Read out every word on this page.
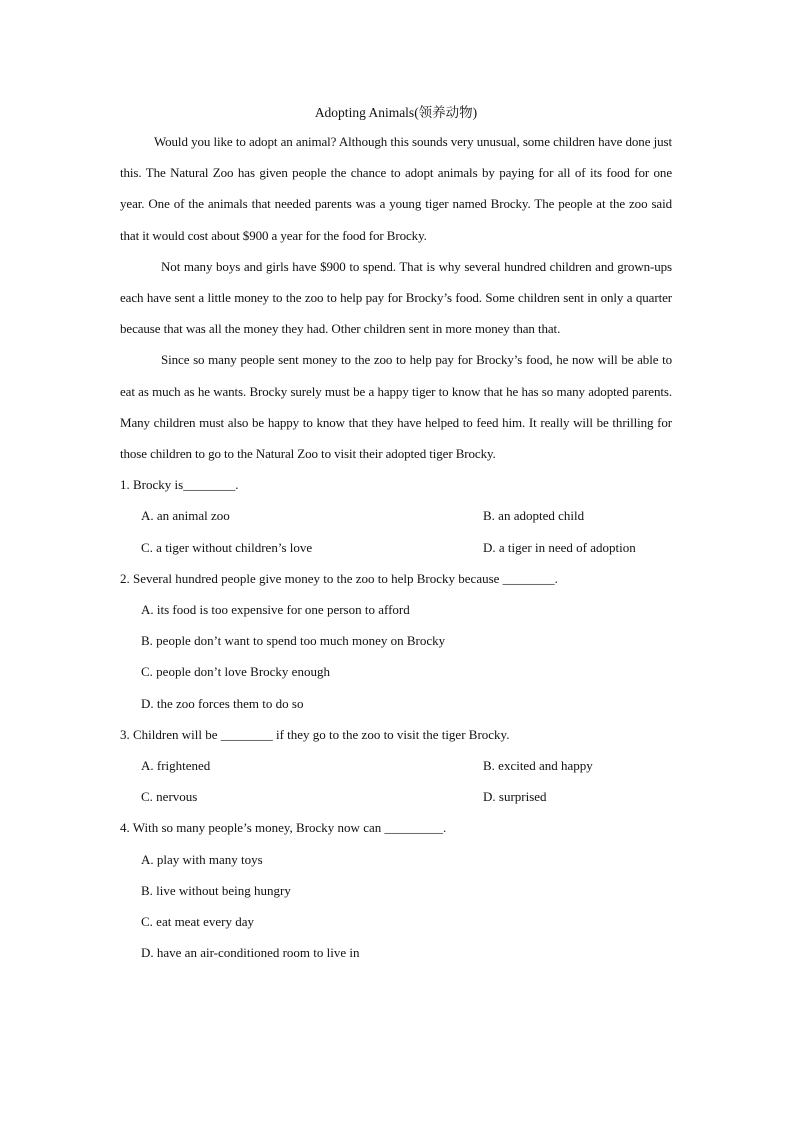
Adopting Animals(领养动物)

Would you like to adopt an animal? Although this sounds very unusual, some children have done just this. The Natural Zoo has given people the chance to adopt animals by paying for all of its food for one year. One of the animals that needed parents was a young tiger named Brocky. The people at the zoo said that it would cost about $900 a year for the food for Brocky.

Not many boys and girls have $900 to spend. That is why several hundred children and grown-ups each have sent a little money to the zoo to help pay for Brocky’s food. Some children sent in only a quarter because that was all the money they had. Other children sent in more money than that.

Since so many people sent money to the zoo to help pay for Brocky’s food, he now will be able to eat as much as he wants. Brocky surely must be a happy tiger to know that he has so many adopted parents. Many children must also be happy to know that they have helped to feed him. It really will be thrilling for those children to go to the Natural Zoo to visit their adopted tiger Brocky.

1. Brocky is________.

A. an animal zoo	B. an adopted child
C. a tiger without children’s love	D. a tiger in need of adoption

2. Several hundred people give money to the zoo to help Brocky because ________.

A. its food is too expensive for one person to afford
B. people don’t want to spend too much money on Brocky
C. people don’t love Brocky enough
D. the zoo forces them to do so

3. Children will be ________ if they go to the zoo to visit the tiger Brocky.

A. frightened	B. excited and happy
C. nervous	D. surprised

4. With so many people’s money, Brocky now can _________.

A. play with many toys
B. live without being hungry
C. eat meat every day
D. have an air-conditioned room to live in
